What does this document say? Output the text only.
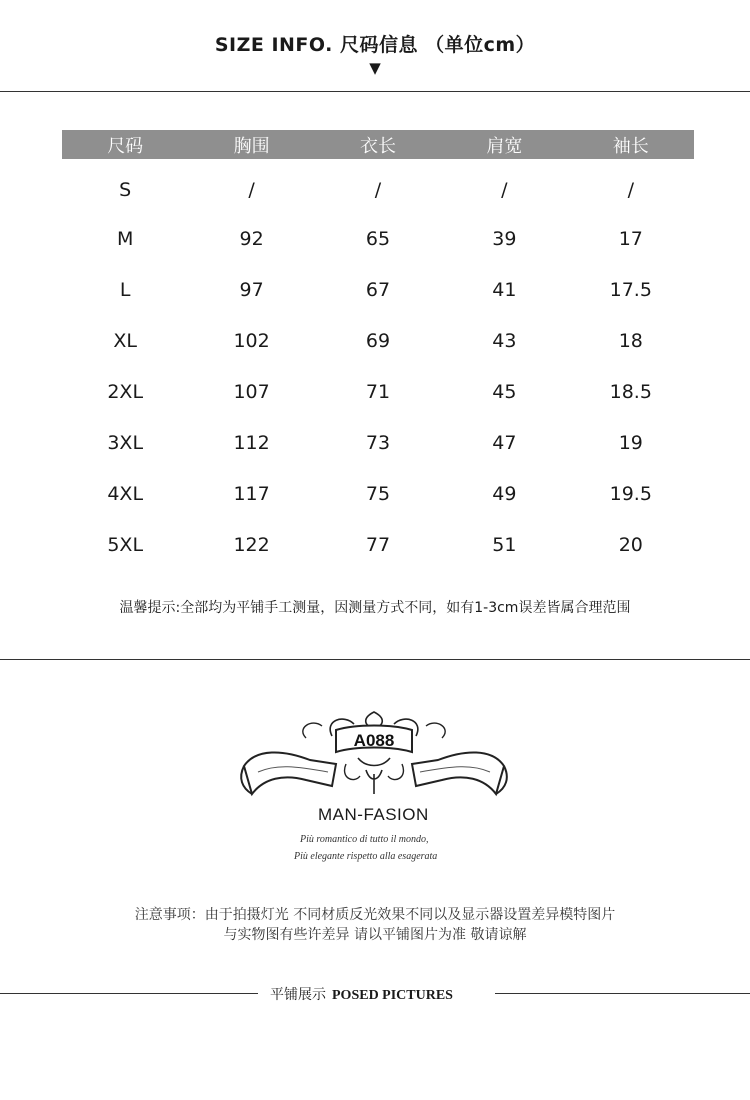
SIZE INFO. 尺码信息 （单位cm）
▼
尺码	胸围	衣长	肩宽	袖长
S	/	/	/	/
M	92	65	39	17
L	97	67	41	17.5
XL	102	69	43	18
2XL	107	71	45	18.5
3XL	112	73	47	19
4XL	117	75	49	19.5
5XL	122	77	51	20
温馨提示:全部均为平铺手工测量，因测量方式不同，如有1-3cm误差皆属合理范围
A088
MAN-FASION
Più romantico di tutto il mondo,
Più elegante rispetto alla esagerata
注意事项：由于拍摄灯光 不同材质反光效果不同以及显示器设置差异模特图片
与实物图有些许差异 请以平铺图片为准 敬请谅解
平铺展示 POSED PICTURES
